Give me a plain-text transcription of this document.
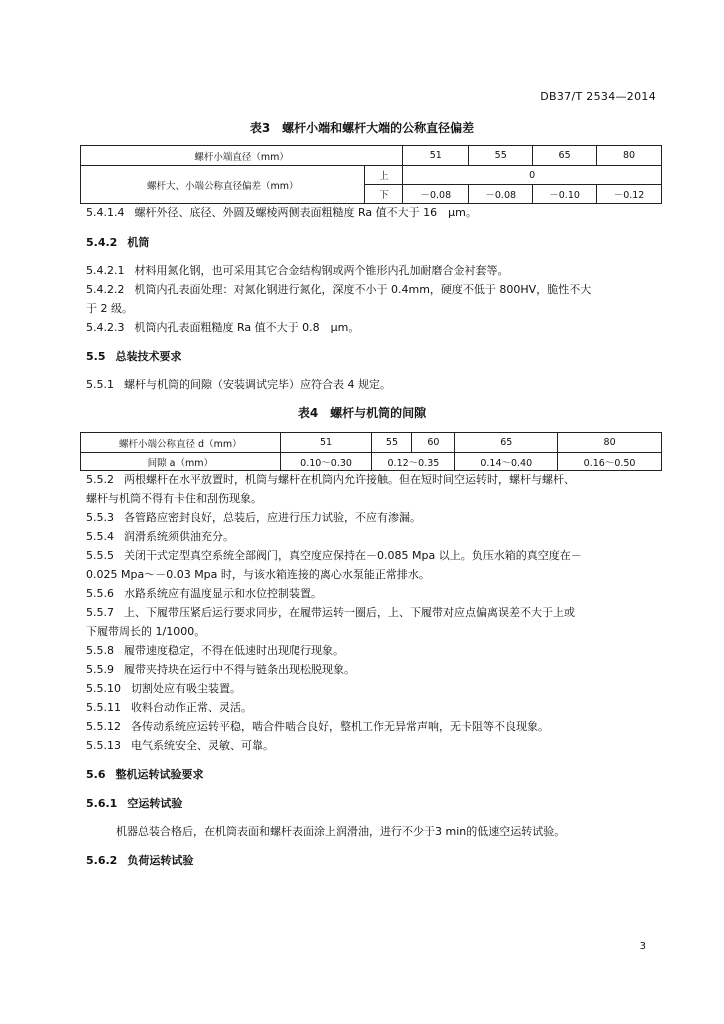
DB37/T 2534—2014
表3　螺杆小端和螺杆大端的公称直径偏差
螺杆小端直径（mm）		51	55	65	80
螺杆大、小端公称直径偏差（mm）	上	0			
	下	－0.08	－0.08	－0.10	－0.12
5.4.1.4 螺杆外径、底径、外圆及螺棱两侧表面粗糙度 Ra 值不大于 16　μm。
5.4.2 机筒
5.4.2.1 材料用氮化钢，也可采用其它合金结构钢或两个锥形内孔加耐磨合金衬套等。
5.4.2.2 机筒内孔表面处理：对氮化钢进行氮化，深度不小于 0.4mm，硬度不低于 800HV，脆性不大
于 2 级。
5.4.2.3 机筒内孔表面粗糙度 Ra 值不大于 0.8　μm。
5.5 总装技术要求
5.5.1 螺杆与机筒的间隙（安装调试完毕）应符合表 4 规定。
表4　螺杆与机筒的间隙
螺杆小端公称直径 d（mm）	51	55	60	65	80
间隙 a（mm）	0.10～0.30	0.12～0.35		0.14～0.40	0.16～0.50
5.5.2 两根螺杆在水平放置时，机筒与螺杆在机筒内允许接触。但在短时间空运转时，螺杆与螺杆、
螺杆与机筒不得有卡住和刮伤现象。
5.5.3 各管路应密封良好，总装后，应进行压力试验，不应有渗漏。
5.5.4 润滑系统须供油充分。
5.5.5 关闭干式定型真空系统全部阀门，真空度应保持在－0.085 Mpa 以上。负压水箱的真空度在－
0.025 Mpa～－0.03 Mpa 时，与该水箱连接的离心水泵能正常排水。
5.5.6 水路系统应有温度显示和水位控制装置。
5.5.7 上、下履带压紧后运行要求同步，在履带运转一圈后，上、下履带对应点偏离误差不大于上或
下履带周长的 1/1000。
5.5.8 履带速度稳定，不得在低速时出现爬行现象。
5.5.9 履带夹持块在运行中不得与链条出现松脱现象。
5.5.10 切割处应有吸尘装置。
5.5.11 收料台动作正常、灵活。
5.5.12 各传动系统应运转平稳，啮合件啮合良好，整机工作无异常声响，无卡阻等不良现象。
5.5.13 电气系统安全、灵敏、可靠。
5.6 整机运转试验要求
5.6.1 空运转试验
机器总装合格后，在机筒表面和螺杆表面涂上润滑油，进行不少于3 min的低速空运转试验。
5.6.2 负荷运转试验
3
